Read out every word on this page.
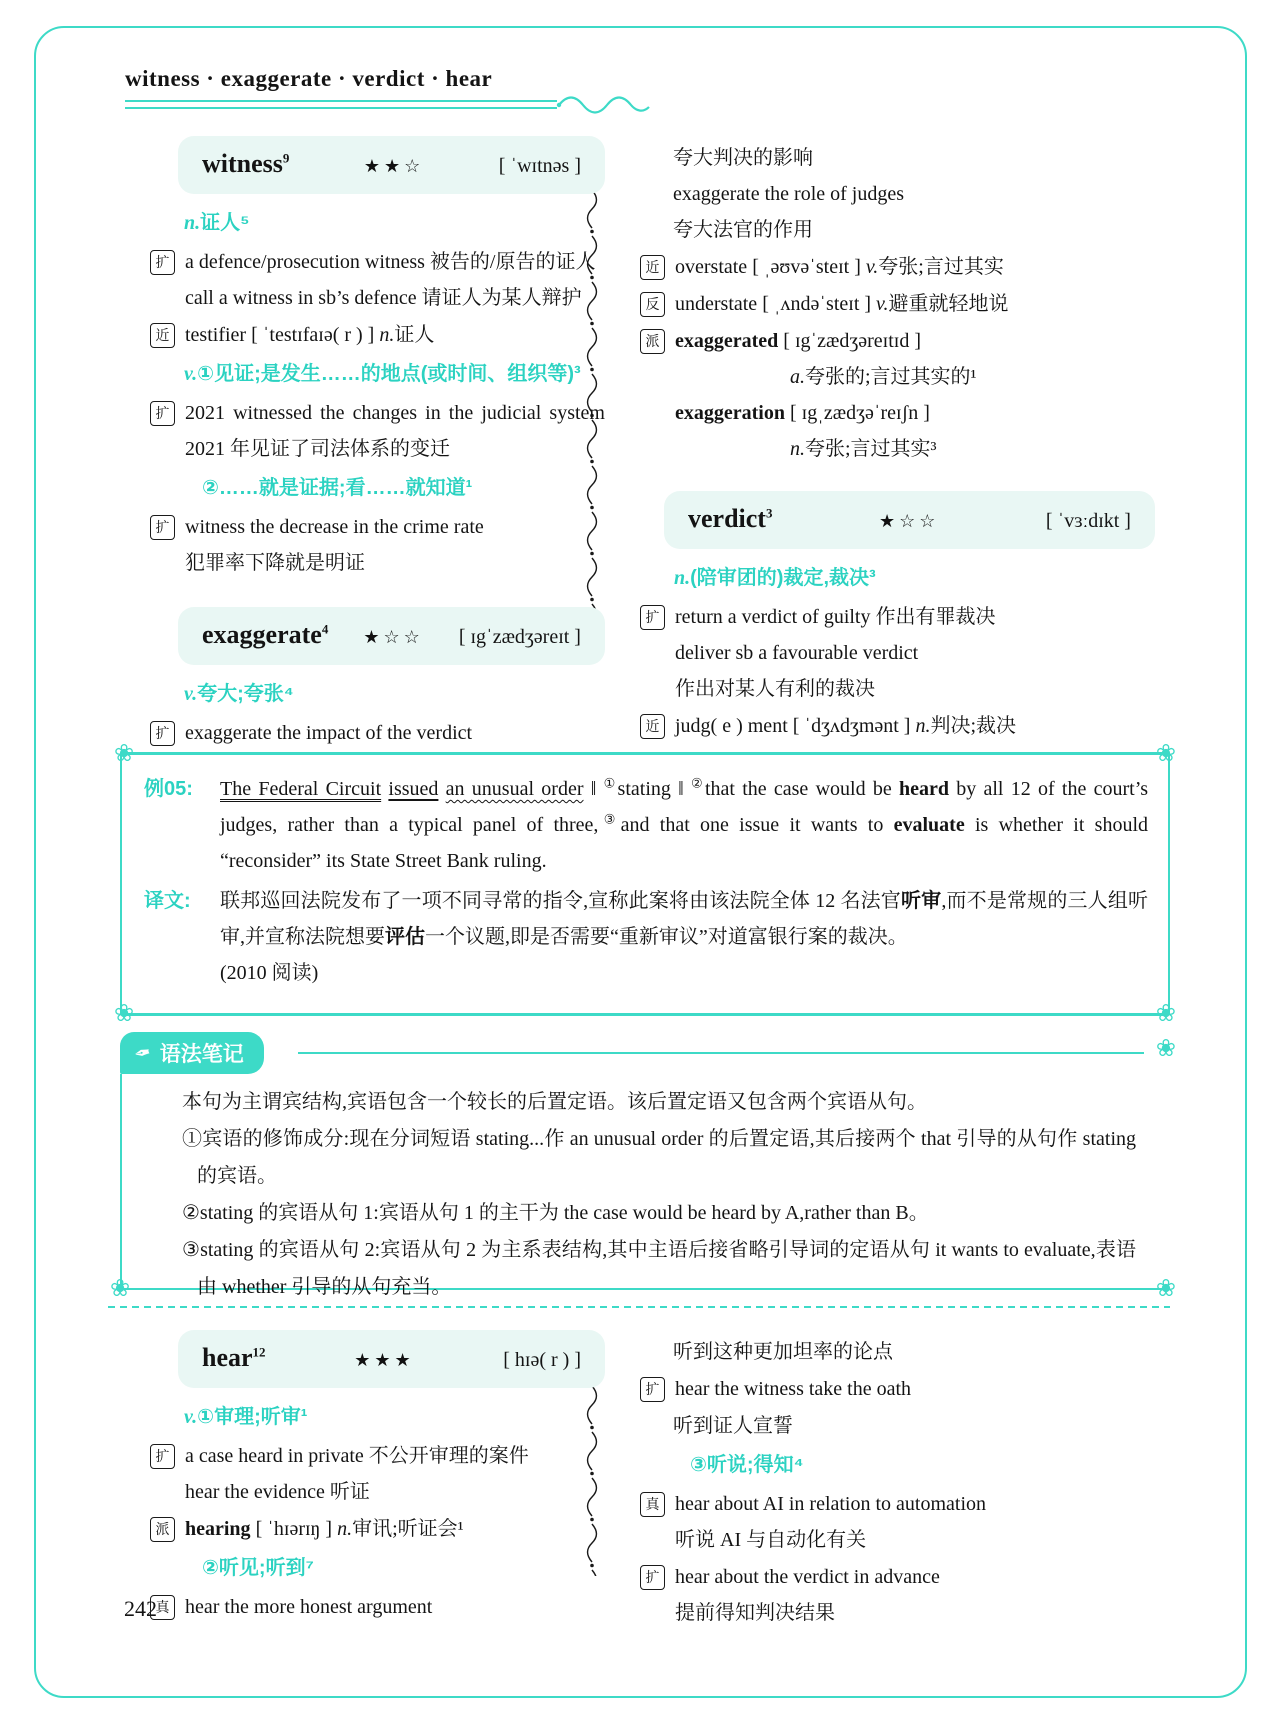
witness · exaggerate · verdict · hear
witness$^9$	★★☆	[ ˈwɪtnəs ]
n.证人⁵
扩 a defence/prosecution witness 被告的/原告的证人
call a witness in sb’s defence 请证人为某人辩护
近 testifier [ ˈtestɪfaɪə( r ) ] n.证人
v.①见证;是发生……的地点(或时间、组织等)³
扩 2021 witnessed the changes in the judicial system 2021 年见证了司法体系的变迁
②……就是证据;看……就知道¹
扩 witness the decrease in the crime rate
犯罪率下降就是明证
exaggerate$^4$ ★☆☆ [ ɪgˈzædʒəreɪt ]
v.夸大;夸张⁴
扩 exaggerate the impact of the verdict
夸大判决的影响
exaggerate the role of judges
夸大法官的作用
近 overstate [ ˌəʊvəˈsteɪt ] v.夸张;言过其实
反 understate [ ˌʌndəˈsteɪt ] v.避重就轻地说
派 exaggerated [ ɪgˈzædʒəreɪtɪd ]
a.夸张的;言过其实的¹
exaggeration [ ɪgˌzædʒəˈreɪʃn ]
n.夸张;言过其实³
verdict$^3$	★☆☆	[ ˈvɜːdɪkt ]
n.(陪审团的)裁定,裁决³
扩 return a verdict of guilty 作出有罪裁决
deliver sb a favourable verdict
作出对某人有利的裁决
近 judg( e ) ment [ ˈdʒʌdʒmənt ] n.判决;裁决
❀	❀
❀	❀
例05:	The Federal Circuit issued an unusual order ‖ ①stating ‖ ②that the case would be heard by all 12 of the court’s judges, rather than a typical panel of three,③and that one issue it wants to evaluate is whether it should “reconsider” its State Street Bank ruling.
译文:	联邦巡回法院发布了一项不同寻常的指令,宣称此案将由该法院全体 12 名法官听审,而不是常规的三人组听审,并宣称法院想要评估一个议题,即是否需要“重新审议”对道富银行案的裁决。
(2010 阅读)
❀
❀	❀
✒ 语法笔记
本句为主谓宾结构,宾语包含一个较长的后置定语。该后置定语又包含两个宾语从句。
①宾语的修饰成分:现在分词短语 stating...作 an unusual order 的后置定语,其后接两个 that 引导的从句作 stating 的宾语。
②stating 的宾语从句 1:宾语从句 1 的主干为 the case would be heard by A,rather than B。
③stating 的宾语从句 2:宾语从句 2 为主系表结构,其中主语后接省略引导词的定语从句 it wants to evaluate,表语由 whether 引导的从句充当。
hear$^{12}$	★★★	[ hɪə( r ) ]
v.①审理;听审¹
扩 a case heard in private 不公开审理的案件
hear the evidence 听证
派 hearing [ ˈhɪərɪŋ ] n.审讯;听证会¹
②听见;听到⁷
真 hear the more honest argument
听到这种更加坦率的论点
扩 hear the witness take the oath
听到证人宣誓
③听说;得知⁴
真 hear about AI in relation to automation
听说 AI 与自动化有关
扩 hear about the verdict in advance
提前得知判决结果
242
